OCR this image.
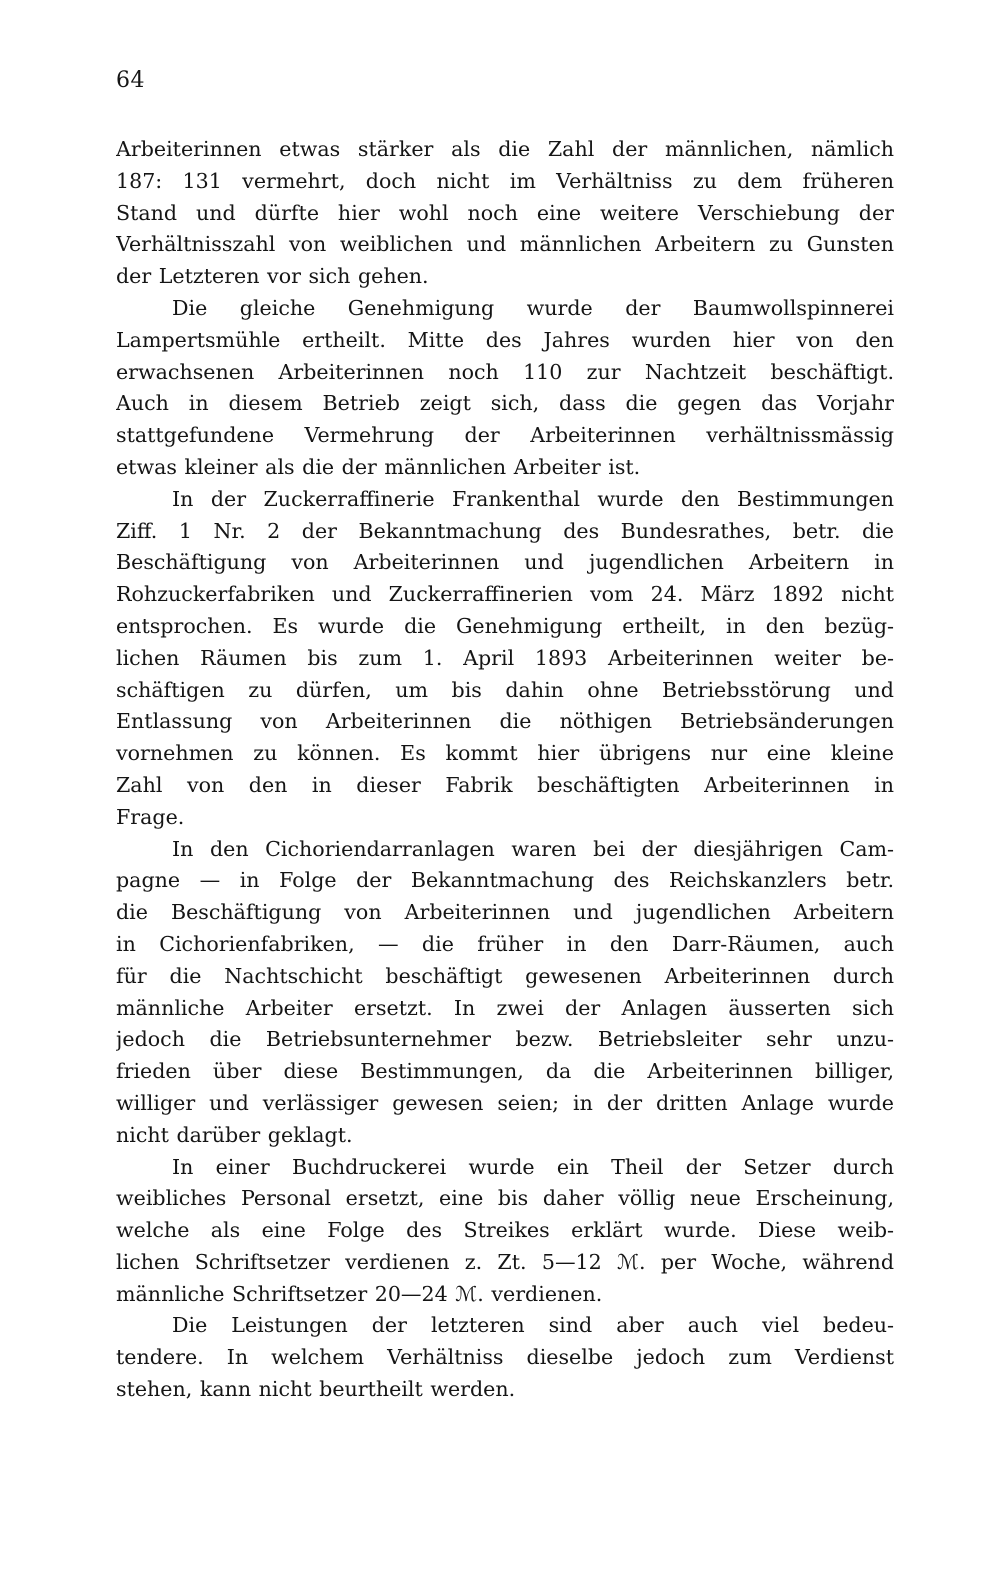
64

Arbeiterinnen etwas stärker als die Zahl der männlichen, nämlich
187: 131 vermehrt, doch nicht im Verhältniss zu dem früheren
Stand und dürfte hier wohl noch eine weitere Verschiebung der
Verhältnisszahl von weiblichen und männlichen Arbeitern zu Gunsten
der Letzteren vor sich gehen.

Die gleiche Genehmigung wurde der Baumwollspinnerei
Lampertsmühle ertheilt. Mitte des Jahres wurden hier von den
erwachsenen Arbeiterinnen noch 110 zur Nachtzeit beschäftigt.
Auch in diesem Betrieb zeigt sich, dass die gegen das Vorjahr
stattgefundene Vermehrung der Arbeiterinnen verhältnissmässig
etwas kleiner als die der männlichen Arbeiter ist.

In der Zuckerraffinerie Frankenthal wurde den Bestimmungen
Ziff. 1 Nr. 2 der Bekanntmachung des Bundesrathes, betr. die
Beschäftigung von Arbeiterinnen und jugendlichen Arbeitern in
Rohzuckerfabriken und Zuckerraffinerien vom 24. März 1892 nicht
entsprochen. Es wurde die Genehmigung ertheilt, in den bezüg-
lichen Räumen bis zum 1. April 1893 Arbeiterinnen weiter be-
schäftigen zu dürfen, um bis dahin ohne Betriebsstörung und
Entlassung von Arbeiterinnen die nöthigen Betriebsänderungen
vornehmen zu können. Es kommt hier übrigens nur eine kleine
Zahl von den in dieser Fabrik beschäftigten Arbeiterinnen in
Frage.

In den Cichoriendarranlagen waren bei der diesjährigen Cam-
pagne — in Folge der Bekanntmachung des Reichskanzlers betr.
die Beschäftigung von Arbeiterinnen und jugendlichen Arbeitern
in Cichorienfabriken, — die früher in den Darr-Räumen, auch
für die Nachtschicht beschäftigt gewesenen Arbeiterinnen durch
männliche Arbeiter ersetzt. In zwei der Anlagen äusserten sich
jedoch die Betriebsunternehmer bezw. Betriebsleiter sehr unzu-
frieden über diese Bestimmungen, da die Arbeiterinnen billiger,
williger und verlässiger gewesen seien; in der dritten Anlage wurde
nicht darüber geklagt.

In einer Buchdruckerei wurde ein Theil der Setzer durch
weibliches Personal ersetzt, eine bis daher völlig neue Erscheinung,
welche als eine Folge des Streikes erklärt wurde. Diese weib-
lichen Schriftsetzer verdienen z. Zt. 5—12 ℳ. per Woche, während
männliche Schriftsetzer 20—24 ℳ. verdienen.

Die Leistungen der letzteren sind aber auch viel bedeu-
tendere. In welchem Verhältniss dieselbe jedoch zum Verdienst
stehen, kann nicht beurtheilt werden.
